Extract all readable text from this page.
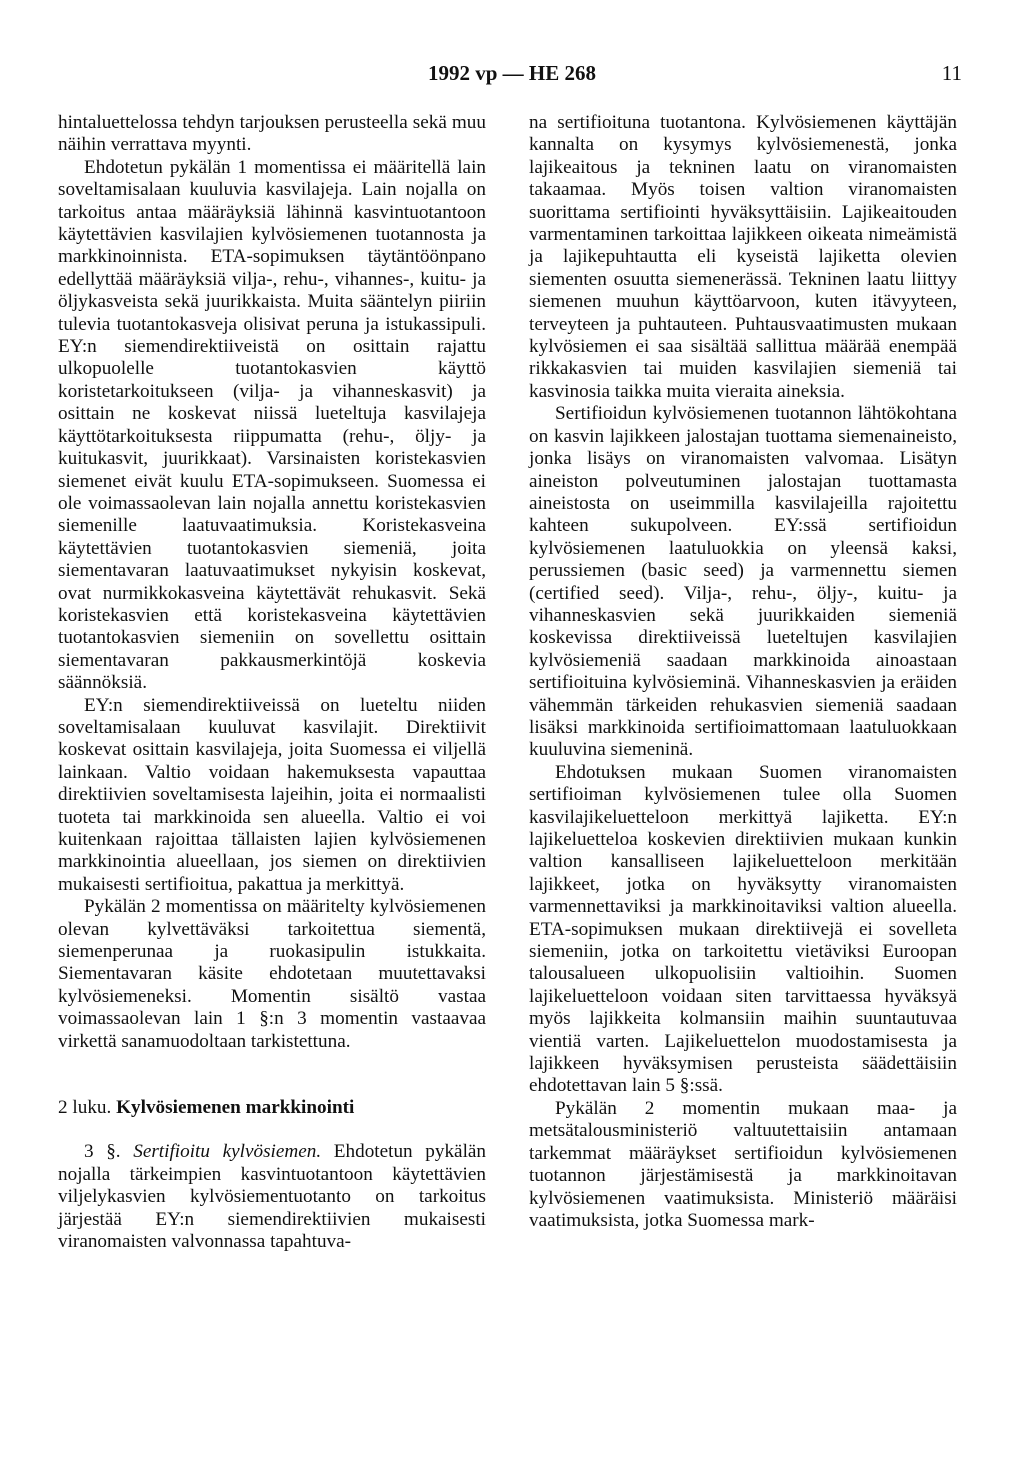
1992 vp — HE 268	11

hintaluettelossa tehdyn tarjouksen perusteella sekä muu näihin verrattava myynti.

Ehdotetun pykälän 1 momentissa ei määritellä lain soveltamisalaan kuuluvia kasvilajeja. Lain nojalla on tarkoitus antaa määräyksiä lähinnä kasvintuotantoon käytettävien kasvilajien kylvösiemenen tuotannosta ja markkinoinnista. ETA-sopimuksen täytäntöönpano edellyttää määräyksiä vilja-, rehu-, vihannes-, kuitu- ja öljykasveista sekä juurikkaista. Muita sääntelyn piiriin tulevia tuotantokasveja olisivat peruna ja istukassipuli. EY:n siemendirektiiveistä on osittain rajattu ulkopuolelle tuotantokasvien käyttö koristetarkoitukseen (vilja- ja vihanneskasvit) ja osittain ne koskevat niissä lueteltuja kasvilajeja käyttötarkoituksesta riippumatta (rehu-, öljy- ja kuitukasvit, juurikkaat). Varsinaisten koristekasvien siemenet eivät kuulu ETA-sopimukseen. Suomessa ei ole voimassaolevan lain nojalla annettu koristekasvien siemenille laatuvaatimuksia. Koristekasveina käytettävien tuotantokasvien siemeniä, joita siementavaran laatuvaatimukset nykyisin koskevat, ovat nurmikkokasveina käytettävät rehukasvit. Sekä koristekasvien että koristekasveina käytettävien tuotantokasvien siemeniin on sovellettu osittain siementavaran pakkausmerkintöjä koskevia säännöksiä.

EY:n siemendirektiiveissä on lueteltu niiden soveltamisalaan kuuluvat kasvilajit. Direktiivit koskevat osittain kasvilajeja, joita Suomessa ei viljellä lainkaan. Valtio voidaan hakemuksesta vapauttaa direktiivien soveltamisesta lajeihin, joita ei normaalisti tuoteta tai markkinoida sen alueella. Valtio ei voi kuitenkaan rajoittaa tällaisten lajien kylvösiemenen markkinointia alueellaan, jos siemen on direktiivien mukaisesti sertifioitua, pakattua ja merkittyä.

Pykälän 2 momentissa on määritelty kylvösiemenen olevan kylvettäväksi tarkoitettua siementä, siemenperunaa ja ruokasipulin istukkaita. Siementavaran käsite ehdotetaan muutettavaksi kylvösiemeneksi. Momentin sisältö vastaa voimassaolevan lain 1 §:n 3 momentin vastaavaa virkettä sanamuodoltaan tarkistettuna.

2 luku. Kylvösiemenen markkinointi

3 §. Sertifioitu kylvösiemen. Ehdotetun pykälän nojalla tärkeimpien kasvintuotantoon käytettävien viljelykasvien kylvösiementuotanto on tarkoitus järjestää EY:n siemendirektiivien mukaisesti viranomaisten valvonnassa tapahtuva-

na sertifioituna tuotantona. Kylvösiemenen käyttäjän kannalta on kysymys kylvösiemenestä, jonka lajikeaitous ja tekninen laatu on viranomaisten takaamaa. Myös toisen valtion viranomaisten suorittama sertifiointi hyväksyttäisiin. Lajikeaitouden varmentaminen tarkoittaa lajikkeen oikeata nimeämistä ja lajikepuhtautta eli kyseistä lajiketta olevien siementen osuutta siemenerässä. Tekninen laatu liittyy siemenen muuhun käyttöarvoon, kuten itävyyteen, terveyteen ja puhtauteen. Puhtausvaatimusten mukaan kylvösiemen ei saa sisältää sallittua määrää enempää rikkakasvien tai muiden kasvilajien siemeniä tai kasvinosia taikka muita vieraita aineksia.

Sertifioidun kylvösiemenen tuotannon lähtökohtana on kasvin lajikkeen jalostajan tuottama siemenaineisto, jonka lisäys on viranomaisten valvomaa. Lisätyn aineiston polveutuminen jalostajan tuottamasta aineistosta on useimmilla kasvilajeilla rajoitettu kahteen sukupolveen. EY:ssä sertifioidun kylvösiemenen laatuluokkia on yleensä kaksi, perussiemen (basic seed) ja varmennettu siemen (certified seed). Vilja-, rehu-, öljy-, kuitu- ja vihanneskasvien sekä juurikkaiden siemeniä koskevissa direktiiveissä lueteltujen kasvilajien kylvösiemeniä saadaan markkinoida ainoastaan sertifioituina kylvösieminä. Vihanneskasvien ja eräiden vähemmän tärkeiden rehukasvien siemeniä saadaan lisäksi markkinoida sertifioimattomaan laatuluokkaan kuuluvina siemeninä.

Ehdotuksen mukaan Suomen viranomaisten sertifioiman kylvösiemenen tulee olla Suomen kasvilajikeluetteloon merkittyä lajiketta. EY:n lajikeluetteloa koskevien direktiivien mukaan kunkin valtion kansalliseen lajikeluetteloon merkitään lajikkeet, jotka on hyväksytty viranomaisten varmennettaviksi ja markkinoitaviksi valtion alueella. ETA-sopimuksen mukaan direktiivejä ei sovelleta siemeniin, jotka on tarkoitettu vietäviksi Euroopan talousalueen ulkopuolisiin valtioihin. Suomen lajikeluetteloon voidaan siten tarvittaessa hyväksyä myös lajikkeita kolmansiin maihin suuntautuvaa vientiä varten. Lajikeluettelon muodostamisesta ja lajikkeen hyväksymisen perusteista säädettäisiin ehdotettavan lain 5 §:ssä.

Pykälän 2 momentin mukaan maa- ja metsätalousministeriö valtuutettaisiin antamaan tarkemmat määräykset sertifioidun kylvösiemenen tuotannon järjestämisestä ja markkinoitavan kylvösiemenen vaatimuksista. Ministeriö määräisi vaatimuksista, jotka Suomessa mark-
